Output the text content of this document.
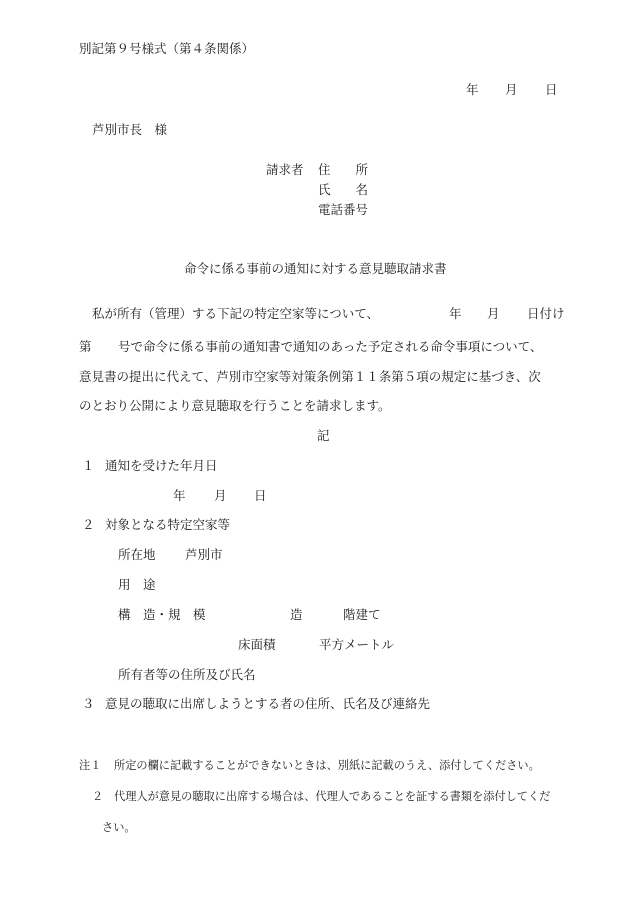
別記第９号様式（第４条関係）
年 月 日
芦別市長　様
請求者 住　　所
氏　　名
電話番号
命令に係る事前の通知に対する意見聴取請求書
私が所有（管理）する下記の特定空家等について、	年 月 日付け
第 号で命令に係る事前の通知書で通知のあった予定される命令事項について、
意見書の提出に代えて、芦別市空家等対策条例第１１条第５項の規定に基づき、次
のとおり公開により意見聴取を行うことを請求します。
記
１ 通知を受けた年月日
年 月 日
２ 対象となる特定空家等
所在地 芦別市
用　途
構　造・規　模	造	階建て
床面積	平方メートル
所有者等の住所及び氏名
３ 意見の聴取に出席しようとする者の住所、氏名及び連絡先
注１ 所定の欄に記載することができないときは、別紙に記載のうえ、添付してください。
２ 代理人が意見の聴取に出席する場合は、代理人であることを証する書類を添付してくだ
さい。
